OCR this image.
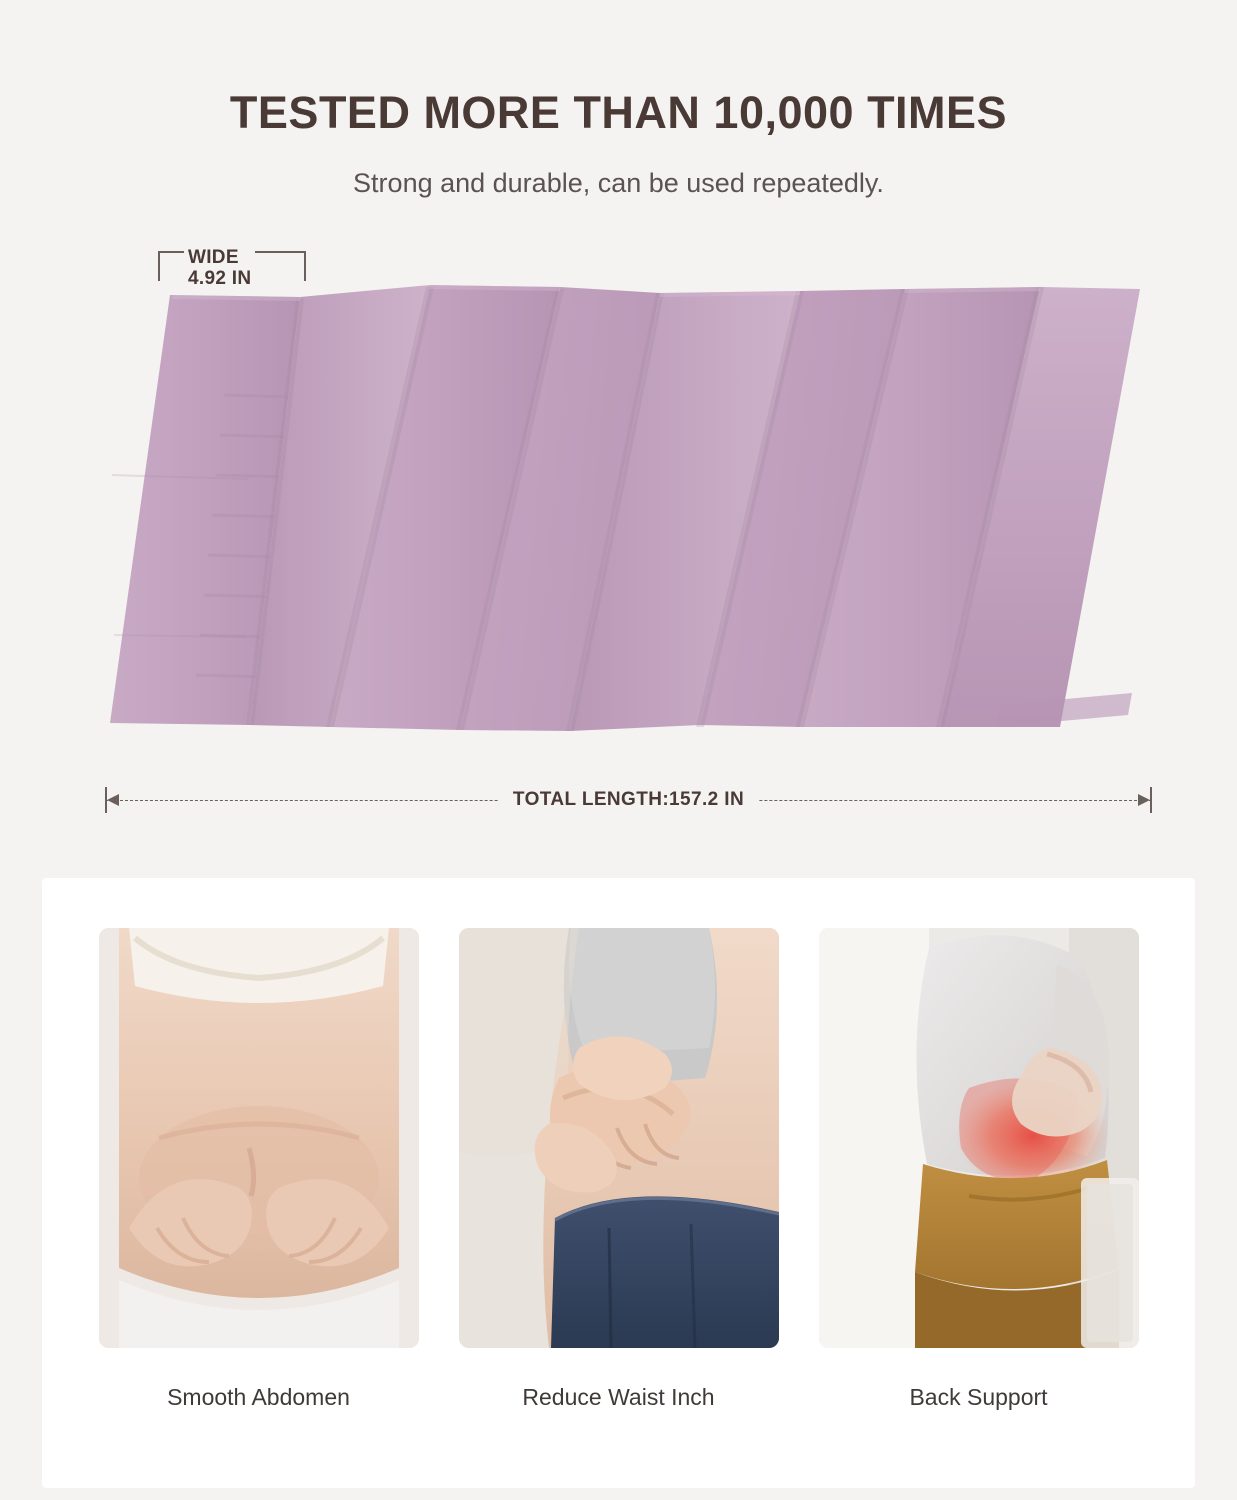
TESTED MORE THAN 10,000 TIMES
Strong and durable, can be used repeatedly.
WIDE
4.92 IN
TOTAL LENGTH:157.2 IN
Smooth Abdomen	Reduce Waist Inch	Back Support
